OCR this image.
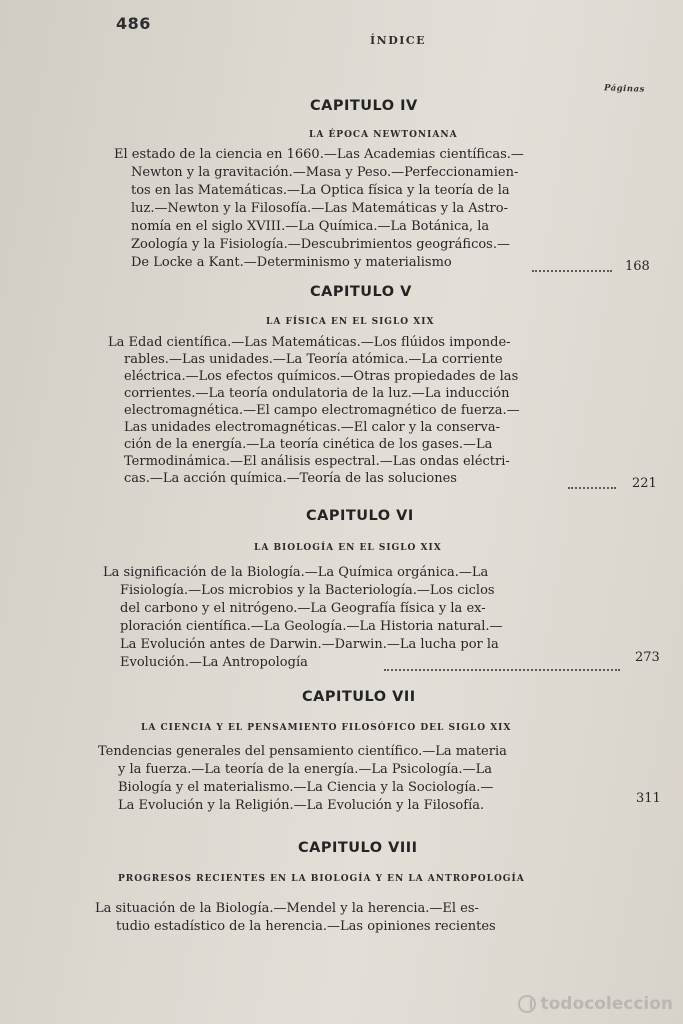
486
ÍNDICE
Páginas
CAPITULO IV
LA ÉPOCA NEWTONIANA
El estado de la ciencia en 1660.—Las Academias científicas.—
Newton y la gravitación.—Masa y Peso.—Perfeccionamien-
tos en las Matemáticas.—La Optica física y la teoría de la
luz.—Newton y la Filosofía.—Las Matemáticas y la Astro-
nomía en el siglo XVIII.—La Química.—La Botánica, la
Zoología y la Fisiología.—Descubrimientos geográficos.—
De Locke a Kant.—Determinismo y materialismo	168
CAPITULO V
LA FÍSICA EN EL SIGLO XIX
La Edad científica.—Las Matemáticas.—Los flúidos impondе-
rables.—Las unidades.—La Teoría atómica.—La corriente
eléctrica.—Los efectos químicos.—Otras propiedades de las
corrientes.—La teoría ondulatoria de la luz.—La inducción
electromagnética.—El campo electromagnético de fuerza.—
Las unidades electromagnéticas.—El calor y la conserva-
ción de la energía.—La teoría cinética de los gases.—La
Termodinámica.—El análisis espectral.—Las ondas eléctri-
cas.—La acción química.—Teoría de las soluciones	221
CAPITULO VI
LA BIOLOGÍA EN EL SIGLO XIX
La significación de la Biología.—La Química orgánica.—La
Fisiología.—Los microbios y la Bacteriología.—Los ciclos
del carbono y el nitrógeno.—La Geografía física y la ex-
ploración científica.—La Geología.—La Historia natural.—
La Evolución antes de Darwin.—Darwin.—La lucha por la
Evolución.—La Antropología	273
CAPITULO VII
LA CIENCIA Y EL PENSAMIENTO FILOSÓFICO DEL SIGLO XIX
Tendencias generales del pensamiento científico.—La materia
y la fuerza.—La teoría de la energía.—La Psicología.—La
Biología y el materialismo.—La Ciencia y la Sociología.—
La Evolución y la Religión.—La Evolución y la Filosofía.	311
CAPITULO VIII
PROGRESOS RECIENTES EN LA BIOLOGÍA Y EN LA ANTROPOLOGÍA
La situación de la Biología.—Mendel y la herencia.—El es-
tudio estadístico de la herencia.—Las opiniones recientes
todocoleccion
